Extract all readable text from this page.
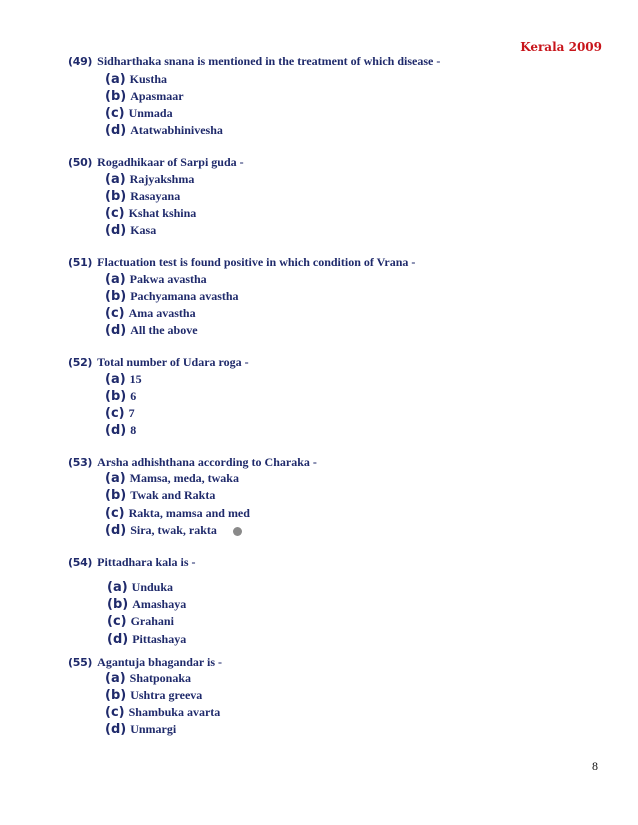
Kerala 2009
(49) Sidharthaka snana is mentioned in the treatment of which disease -
(a) Kustha
(b) Apasmaar
(c) Unmada
(d) Atatwabhinivesha
(50) Rogadhikaar of Sarpi guda -
(a) Rajyakshma
(b) Rasayana
(c) Kshat kshina
(d) Kasa
(51) Flactuation test is found positive in which condition of Vrana -
(a) Pakwa avastha
(b) Pachyamana avastha
(c) Ama avastha
(d) All the above
(52) Total number of Udara roga -
(a) 15
(b) 6
(c) 7
(d) 8
(53) Arsha adhishthana according to Charaka -
(a) Mamsa, meda, twaka
(b) Twak and Rakta
(c) Rakta, mamsa and med
(d) Sira, twak, rakta
(54) Pittadhara kala is -
(a) Unduka
(b) Amashaya
(c) Grahani
(d) Pittashaya
(55) Agantuja bhagandar is -
(a) Shatponaka
(b) Ushtra greeva
(c) Shambuka avarta
(d) Unmargi
8
